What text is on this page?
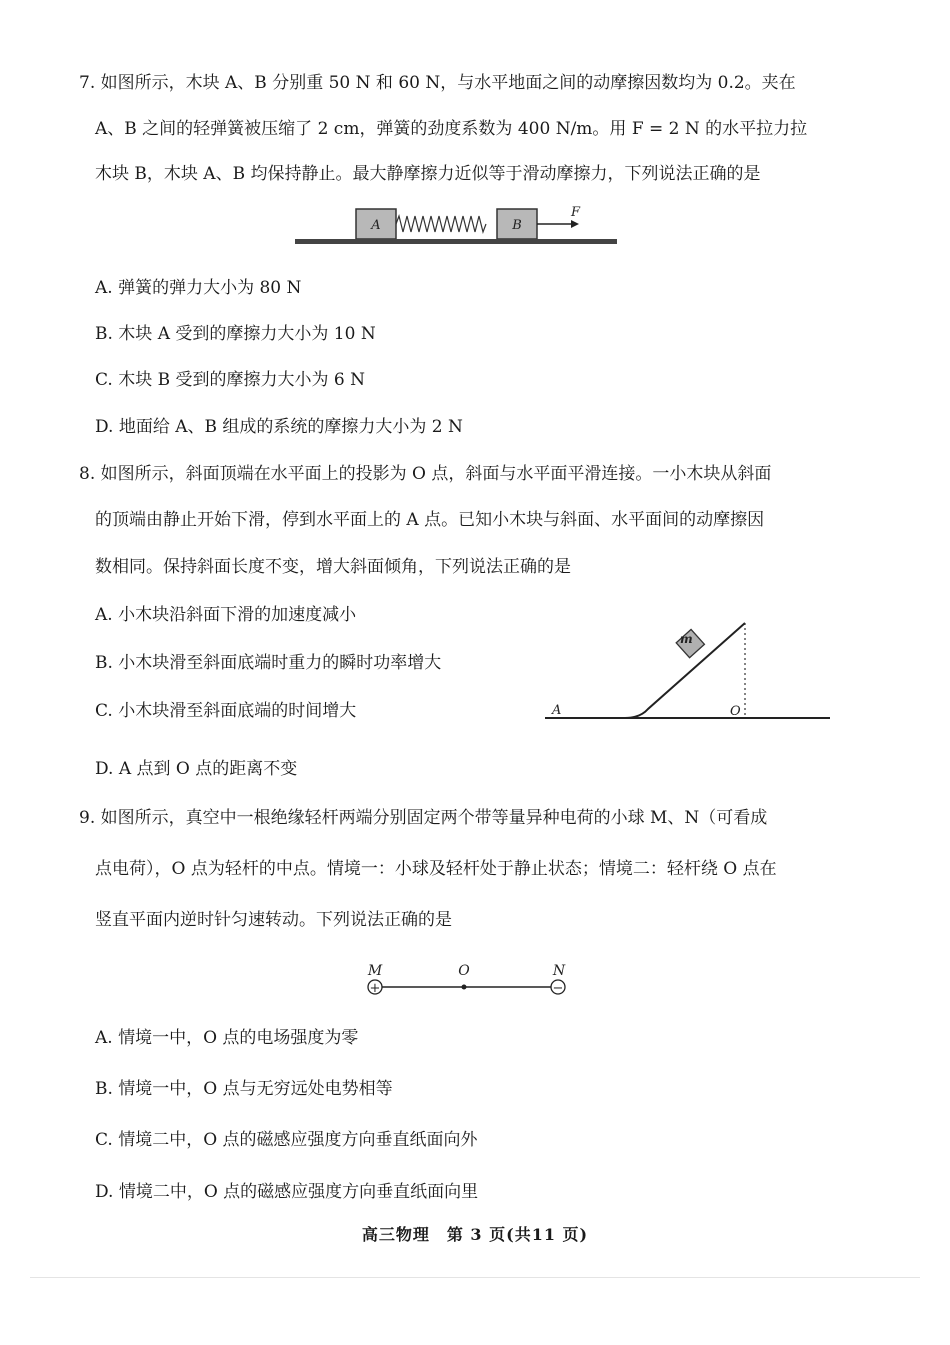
7. 如图所示，木块 A、B 分别重 50 N 和 60 N，与水平地面之间的动摩擦因数均为 0.2。夹在
A、B 之间的轻弹簧被压缩了 2 cm，弹簧的劲度系数为 400 N/m。用 F = 2 N 的水平拉力拉
木块 B，木块 A、B 均保持静止。最大静摩擦力近似等于滑动摩擦力，下列说法正确的是
A	B
F
A. 弹簧的弹力大小为 80 N
B. 木块 A 受到的摩擦力大小为 10 N
C. 木块 B 受到的摩擦力大小为 6 N
D. 地面给 A、B 组成的系统的摩擦力大小为 2 N
8. 如图所示，斜面顶端在水平面上的投影为 O 点，斜面与水平面平滑连接。一小木块从斜面
的顶端由静止开始下滑，停到水平面上的 A 点。已知小木块与斜面、水平面间的动摩擦因
数相同。保持斜面长度不变，增大斜面倾角，下列说法正确的是
A. 小木块沿斜面下滑的加速度减小
B. 小木块滑至斜面底端时重力的瞬时功率增大
C. 小木块滑至斜面底端的时间增大
D. A 点到 O 点的距离不变
m
A	O
9. 如图所示，真空中一根绝缘轻杆两端分别固定两个带等量异种电荷的小球 M、N（可看成
点电荷），O 点为轻杆的中点。情境一：小球及轻杆处于静止状态；情境二：轻杆绕 O 点在
竖直平面内逆时针匀速转动。下列说法正确的是
M	O	N
+	−
A. 情境一中，O 点的电场强度为零
B. 情境一中，O 点与无穷远处电势相等
C. 情境二中，O 点的磁感应强度方向垂直纸面向外
D. 情境二中，O 点的磁感应强度方向垂直纸面向里
高三物理　第 3 页(共11 页)
